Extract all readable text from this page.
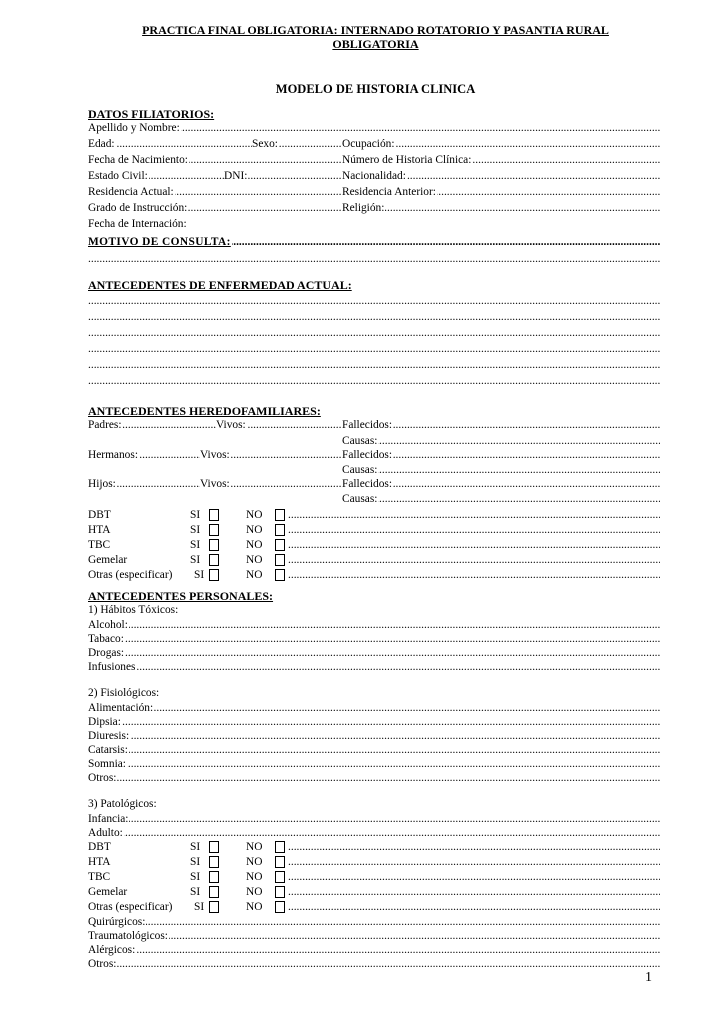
PRACTICA FINAL OBLIGATORIA: INTERNADO ROTATORIO Y PASANTIA RURAL
OBLIGATORIA
MODELO DE HISTORIA CLINICA
DATOS FILIATORIOS:
.....
Apellido y Nombre:
.....
Edad:	Sexo:	Ocupación:
.....
Fecha de Nacimiento:	Número de Historia Clínica:
.....
Estado Civil:	DNI:	Nacionalidad:
.....
Residencia Actual:	Residencia Anterior:
.....
Grado de Instrucción:	Religión:
Fecha de Internación:
.....
MOTIVO DE CONSULTA:
.....
ANTECEDENTES DE ENFERMEDAD ACTUAL:
.....
.....
.....
.....
.....
.....
ANTECEDENTES HEREDOFAMILIARES:
.....
Padres:	Vivos:	Fallecidos:
.....
Causas:
.....
Hermanos:	Vivos:	Fallecidos:
.....
Causas:
.....
Hijos:	Vivos:	Fallecidos:
.....
Causas:
DBT	SI	NO
.....
HTA	SI	NO
.....
TBC	SI	NO
.....
Gemelar	SI	NO
.....
Otras (especificar) SI	NO
.....
ANTECEDENTES PERSONALES:
1) Hábitos Tóxicos:
.....
Alcohol:
.....
Tabaco:
.....
Drogas:
.....
Infusiones
2) Fisiológicos:
.....
Alimentación:
.....
Dipsia:
.....
Diuresis:
.....
Catarsis:
.....
Somnia:
.....
Otros:
3) Patológicos:
.....
Infancia:
.....
Adulto:
DBT	SI	NO
.....
HTA	SI	NO
.....
TBC	SI	NO
.....
Gemelar	SI	NO
.....
Otras (especificar) SI	NO
.....
.....
Quirúrgicos:
.....
Traumatológicos:
.....
Alérgicos:
.....
Otros:
1
